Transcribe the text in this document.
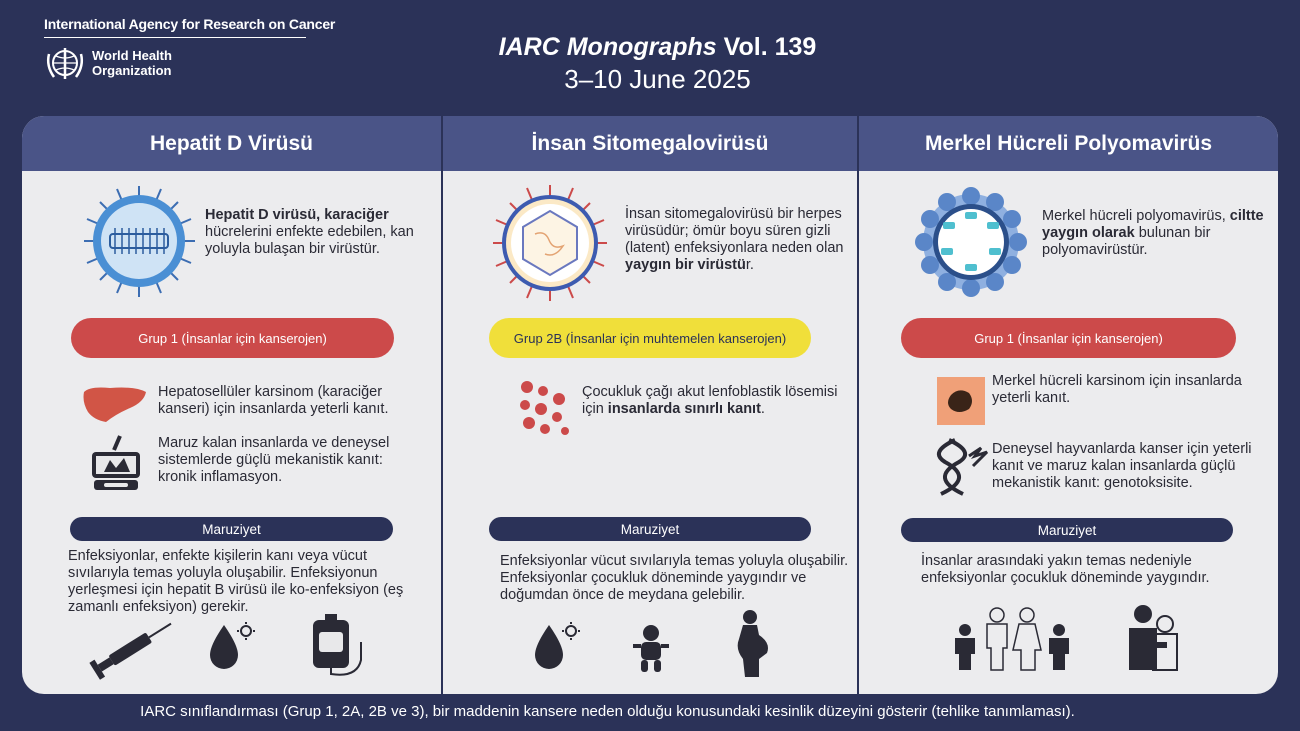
International Agency for Research on Cancer
World Health
Organization
IARC Monographs Vol. 139
3–10 June 2025
Hepatit D Virüsü
Hepatit D virüsü, karaciğer hücrelerini enfekte edebilen, kan yoluyla bulaşan bir virüstür.
Grup 1 (İnsanlar için kanserojen)
Hepatosellüler karsinom (karaciğer kanseri) için insanlarda yeterli kanıt.
Maruz kalan insanlarda ve deneysel sistemlerde güçlü mekanistik kanıt: kronik inflamasyon.
Maruziyet
Enfeksiyonlar, enfekte kişilerin kanı veya vücut sıvılarıyla temas yoluyla oluşabilir. Enfeksiyonun yerleşmesi için hepatit B virüsü ile ko-enfeksiyon (eş zamanlı enfeksiyon) gerekir.
İnsan Sitomegalovirüsü
İnsan sitomegalovirüsü bir herpes virüsüdür; ömür boyu süren gizli (latent) enfeksiyonlara neden olan yaygın bir virüstür.
Grup 2B (İnsanlar için muhtemelen kanserojen)
Çocukluk çağı akut lenfoblastik lösemisi için insanlarda sınırlı kanıt.
Maruziyet
Enfeksiyonlar vücut sıvılarıyla temas yoluyla oluşabilir. Enfeksiyonlar çocukluk döneminde yaygındır ve doğumdan önce de meydana gelebilir.
Merkel Hücreli Polyomavirüs
Merkel hücreli polyomavirüs, ciltte yaygın olarak bulunan bir polyomavirüstür.
Grup 1 (İnsanlar için kanserojen)
Merkel hücreli karsinom için insanlarda yeterli kanıt.
Deneysel hayvanlarda kanser için yeterli kanıt ve maruz kalan insanlarda güçlü mekanistik kanıt: genotoksisite.
Maruziyet
İnsanlar arasındaki yakın temas nedeniyle enfeksiyonlar çocukluk döneminde yaygındır.
IARC sınıflandırması (Grup 1, 2A, 2B ve 3), bir maddenin kansere neden olduğu konusundaki kesinlik düzeyini gösterir (tehlike tanımlaması).
